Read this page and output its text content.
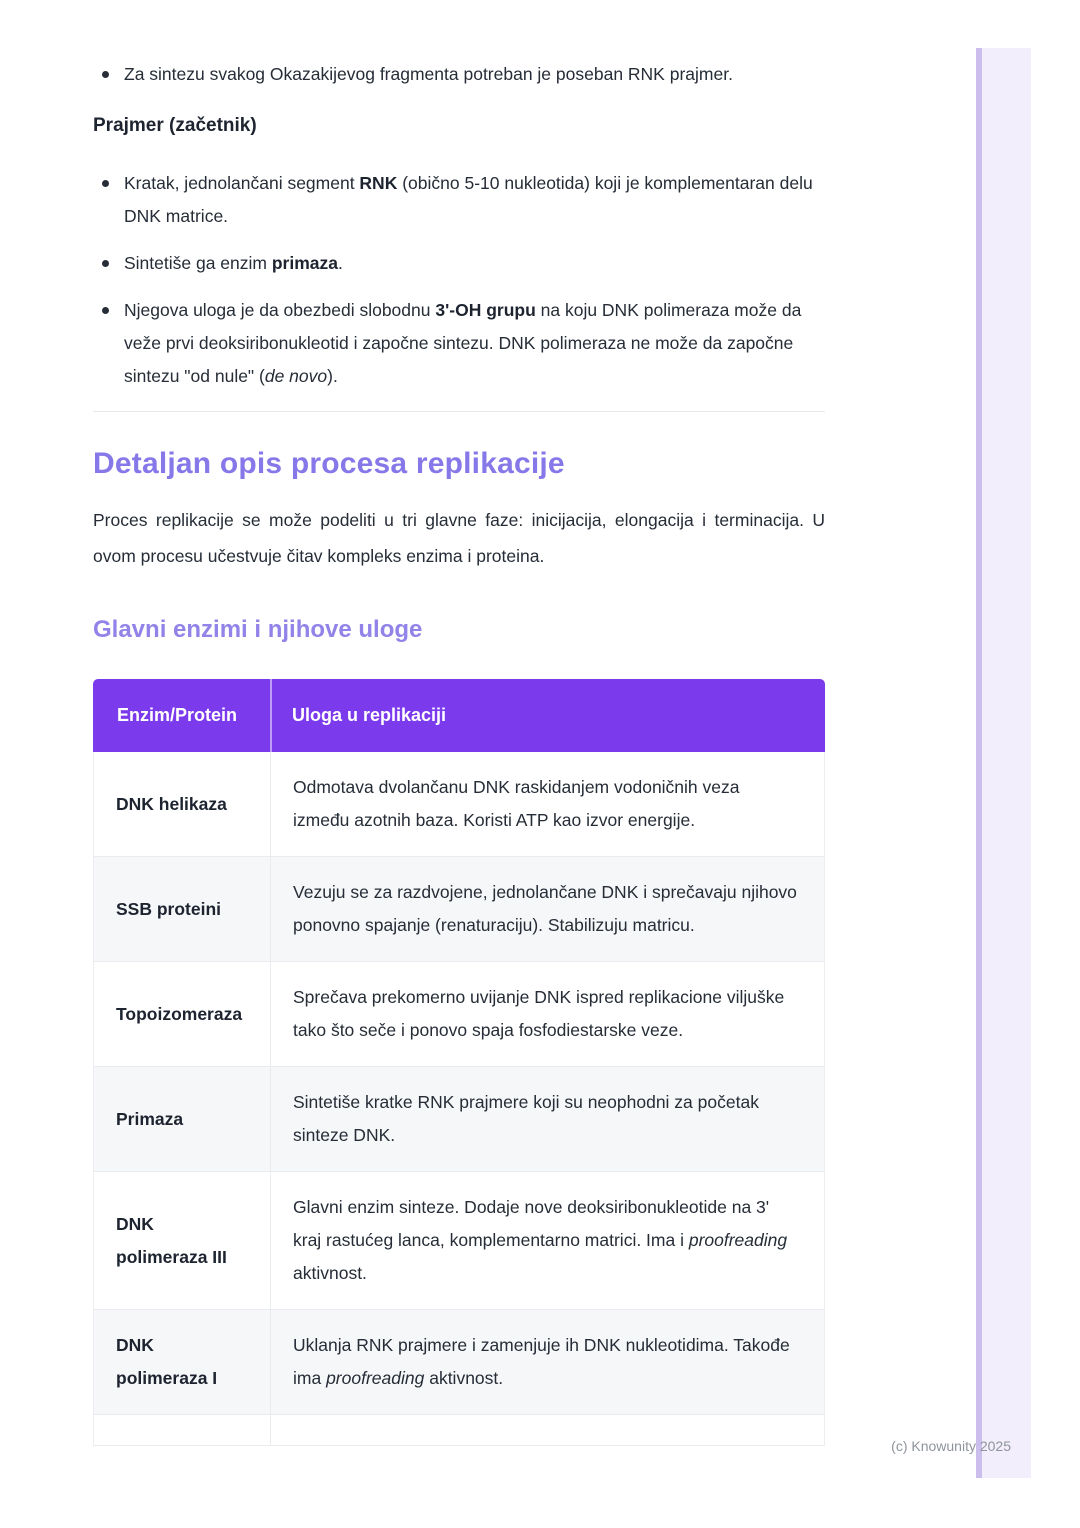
Za sintezu svakog Okazakijevog fragmenta potreban je poseban RNK prajmer.
Prajmer (začetnik)
Kratak, jednolančani segment RNK (obično 5-10 nukleotida) koji je komplementaran delu DNK matrice.
Sintetiše ga enzim primaza.
Njegova uloga je da obezbedi slobodnu 3'-OH grupu na koju DNK polimeraza može da veže prvi deoksiribonukleotid i započne sintezu. DNK polimeraza ne može da započne sintezu "od nule" (de novo).
Detaljan opis procesa replikacije

Proces replikacije se može podeliti u tri glavne faze: inicijacija, elongacija i terminacija. U ovom procesu učestvuje čitav kompleks enzima i proteina.

Glavni enzimi i njihove uloge
Enzim/Protein	Uloga u replikaciji
DNK helikaza	Odmotava dvolančanu DNK raskidanjem vodoničnih veza između azotnih baza. Koristi ATP kao izvor energije.
SSB proteini	Vezuju se za razdvojene, jednolančane DNK i sprečavaju njihovo ponovno spajanje (renaturaciju). Stabilizuju matricu.
Topoizomeraza	Sprečava prekomerno uvijanje DNK ispred replikacione viljuške tako što seče i ponovo spaja fosfodiestarske veze.
Primaza	Sintetiše kratke RNK prajmere koji su neophodni za početak sinteze DNK.
DNK polimeraza III	Glavni enzim sinteze. Dodaje nove deoksiribonukleotide na 3' kraj rastućeg lanca, komplementarno matrici. Ima i proofreading aktivnost.
DNK polimeraza I	Uklanja RNK prajmere i zamenjuje ih DNK nukleotidima. Takođe ima proofreading aktivnost.

(c) Knowunity 2025
